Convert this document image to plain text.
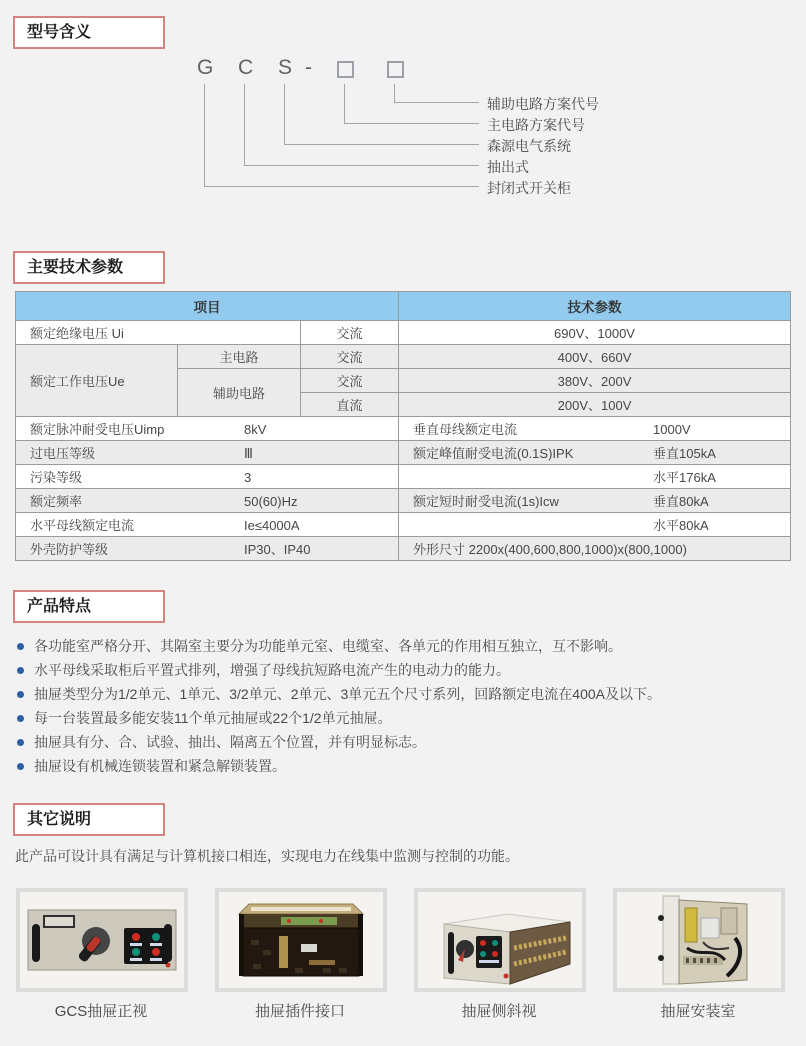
型号含义
G C S -
辅助电路方案代号
主电路方案代号
森源电气系统
抽出式
封闭式开关柜
主要技术参数
项目			技术参数
额定绝缘电压 Ui		交流	690V、1000V
额定工作电压Ue	主电路	交流	400V、660V
	辅助电路	交流	380V、200V
		直流	200V、100V
额定脉冲耐受电压Uimp 8kV			垂直母线额定电流 1000V
过电压等级 Ⅲ			额定峰值耐受电流(0.1S)IPK 垂直105kA
污染等级 3			水平176kA
额定频率 50(60)Hz			额定短时耐受电流(1s)Icw 垂直80kA
水平母线额定电流 Ie≤4000A			水平80kA
外壳防护等级 IP30、IP40			外形尺寸 2200x(400,600,800,1000)x(800,1000)
产品特点
各功能室严格分开、其隔室主要分为功能单元室、电缆室、各单元的作用相互独立，互不影响。
水平母线采取柜后平置式排列，增强了母线抗短路电流产生的电动力的能力。
抽屉类型分为1/2单元、1单元、3/2单元、2单元、3单元五个尺寸系列，回路额定电流在400A及以下。
每一台装置最多能安装11个单元抽屉或22个1/2单元抽屉。
抽屉具有分、合、试验、抽出、隔离五个位置，并有明显标志。
抽屉设有机械连锁装置和紧急解锁装置。
其它说明
此产品可设计具有满足与计算机接口相连，实现电力在线集中监测与控制的功能。
GCS抽屉正视	抽屉插件接口	抽屉侧斜视	抽屉安装室
